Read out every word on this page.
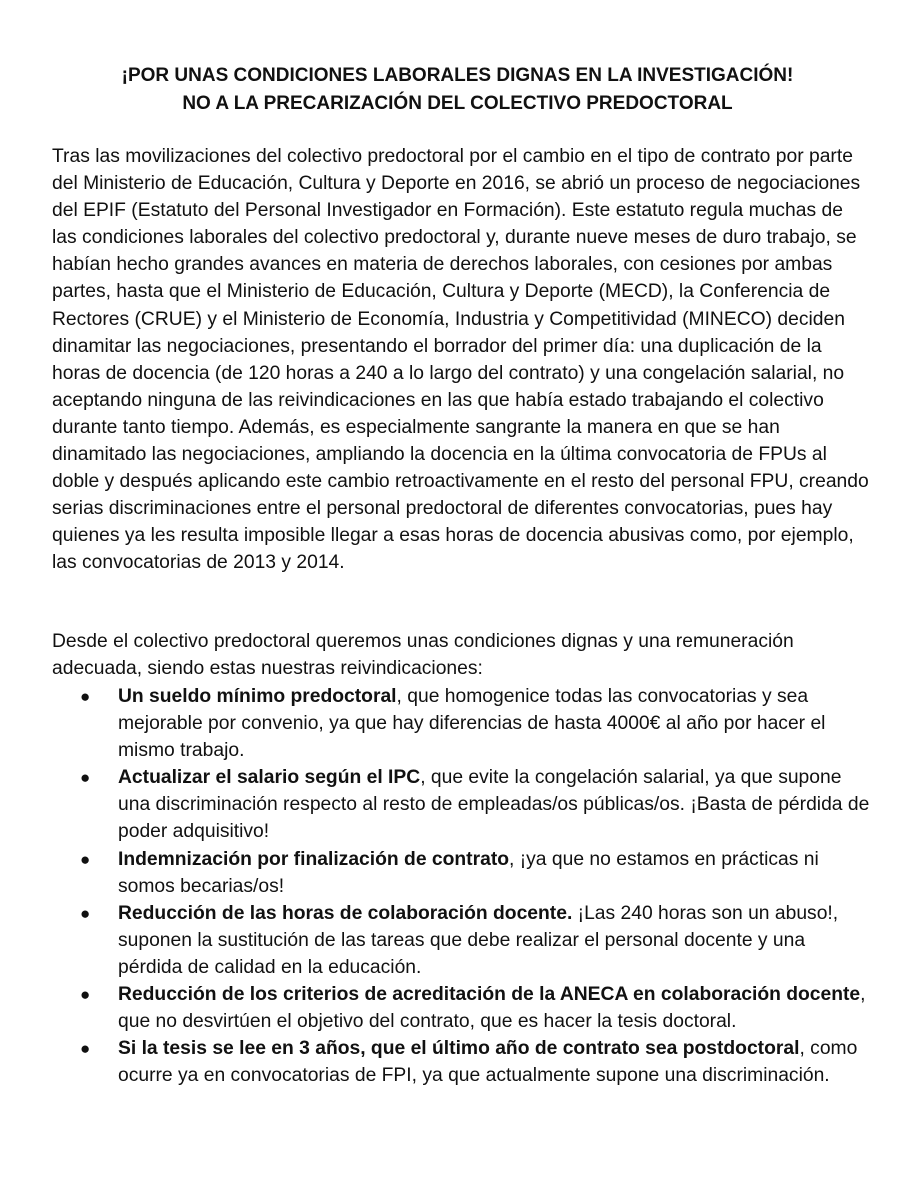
¡POR UNAS CONDICIONES LABORALES DIGNAS EN LA INVESTIGACIÓN!
NO A LA PRECARIZACIÓN DEL COLECTIVO PREDOCTORAL

Tras las movilizaciones del colectivo predoctoral por el cambio en el tipo de contrato por parte del Ministerio de Educación, Cultura y Deporte en 2016, se abrió un proceso de negociaciones del EPIF (Estatuto del Personal Investigador en Formación). Este estatuto regula muchas de las condiciones laborales del colectivo predoctoral y, durante nueve meses de duro trabajo, se habían hecho grandes avances en materia de derechos laborales, con cesiones por ambas partes, hasta que el Ministerio de Educación, Cultura y Deporte (MECD), la Conferencia de Rectores (CRUE) y el Ministerio de Economía, Industria y Competitividad (MINECO) deciden dinamitar las negociaciones, presentando el borrador del primer día: una duplicación de la horas de docencia (de 120 horas a 240 a lo largo del contrato) y una congelación salarial, no aceptando ninguna de las reivindicaciones en las que había estado trabajando el colectivo durante tanto tiempo. Además, es especialmente sangrante la manera en que se han dinamitado las negociaciones, ampliando la docencia en la última convocatoria de FPUs al doble y después aplicando este cambio retroactivamente en el resto del personal FPU, creando serias discriminaciones entre el personal predoctoral de diferentes convocatorias, pues hay quienes ya les resulta imposible llegar a esas horas de docencia abusivas como, por ejemplo, las convocatorias de 2013 y 2014.

Desde el colectivo predoctoral queremos unas condiciones dignas y una remuneración adecuada, siendo estas nuestras reivindicaciones:

● Un sueldo mínimo predoctoral, que homogenice todas las convocatorias y sea mejorable por convenio, ya que hay diferencias de hasta 4000€ al año por hacer el mismo trabajo.
● Actualizar el salario según el IPC, que evite la congelación salarial, ya que supone una discriminación respecto al resto de empleadas/os públicas/os. ¡Basta de pérdida de poder adquisitivo!
● Indemnización por finalización de contrato, ¡ya que no estamos en prácticas ni somos becarias/os!
● Reducción de las horas de colaboración docente. ¡Las 240 horas son un abuso!, suponen la sustitución de las tareas que debe realizar el personal docente y una pérdida de calidad en la educación.
● Reducción de los criterios de acreditación de la ANECA en colaboración docente, que no desvirtúen el objetivo del contrato, que es hacer la tesis doctoral.
● Si la tesis se lee en 3 años, que el último año de contrato sea postdoctoral, como ocurre ya en convocatorias de FPI, ya que actualmente supone una discriminación.
